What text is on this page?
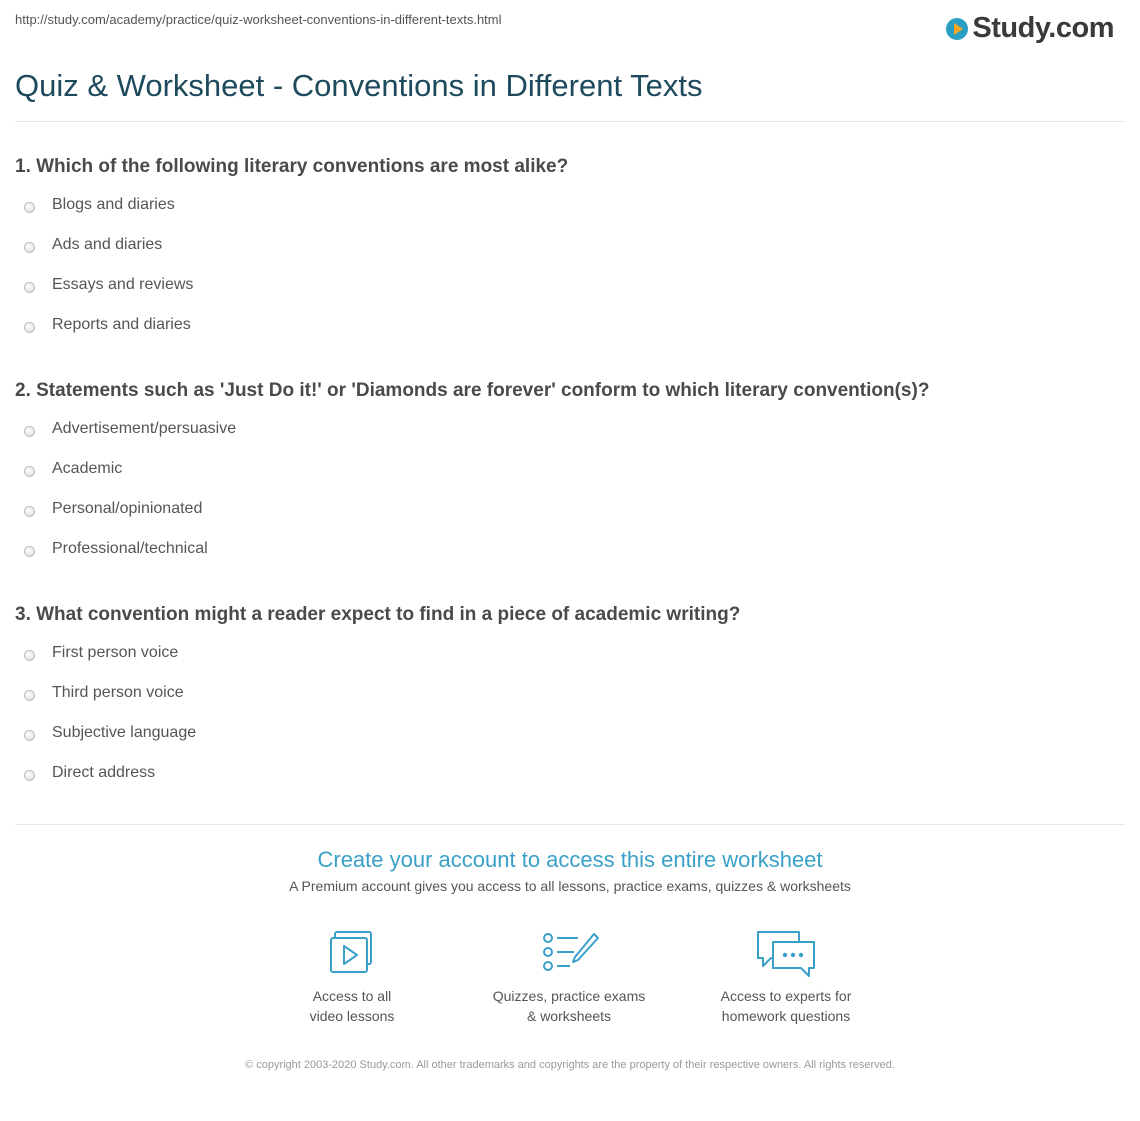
http://study.com/academy/practice/quiz-worksheet-conventions-in-different-texts.html	Study.com
Quiz & Worksheet - Conventions in Different Texts

1. Which of the following literary conventions are most alike?

Blogs and diaries
Ads and diaries
Essays and reviews
Reports and diaries

2. Statements such as 'Just Do it!' or 'Diamonds are forever' conform to which literary convention(s)?

Advertisement/persuasive
Academic
Personal/opinionated
Professional/technical

3. What convention might a reader expect to find in a piece of academic writing?

First person voice
Third person voice
Subjective language
Direct address
Create your account to access this entire worksheet

A Premium account gives you access to all lessons, practice exams, quizzes & worksheets

Access to all
video lessons
Quizzes, practice exams
& worksheets
Access to experts for
homework questions
© copyright 2003-2020 Study.com. All other trademarks and copyrights are the property of their respective owners. All rights reserved.
